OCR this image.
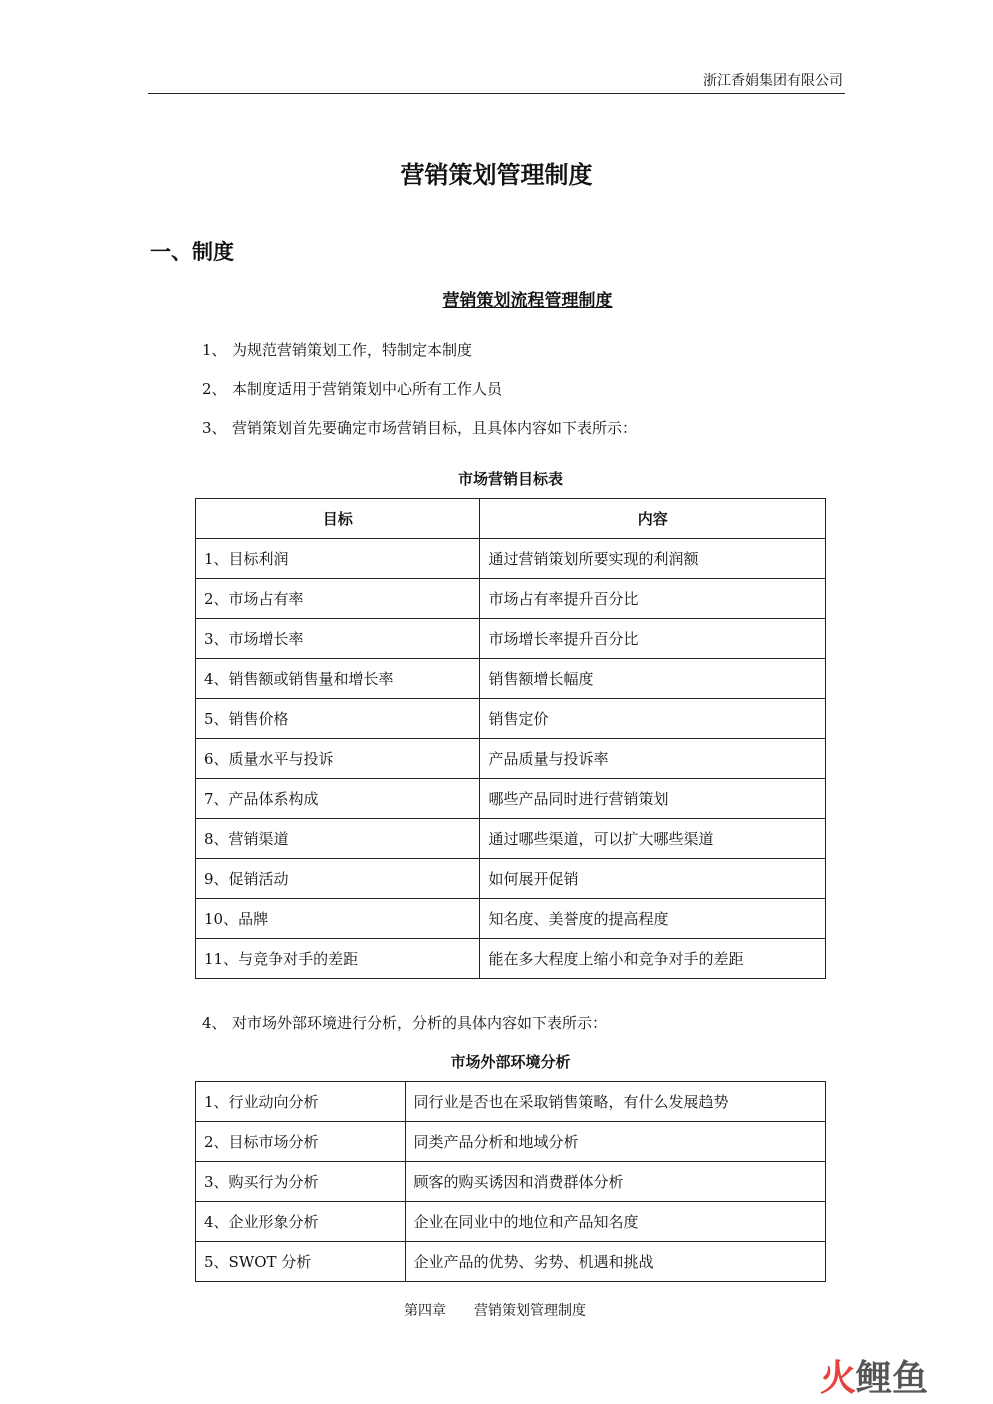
浙江香娟集团有限公司
营销策划管理制度
一、制度
营销策划流程管理制度
1、 为规范营销策划工作，特制定本制度
2、 本制度适用于营销策划中心所有工作人员
3、 营销策划首先要确定市场营销目标，且具体内容如下表所示：
市场营销目标表
目标	内容
1、目标利润	通过营销策划所要实现的利润额
2、市场占有率	市场占有率提升百分比
3、市场增长率	市场增长率提升百分比
4、销售额或销售量和增长率	销售额增长幅度
5、销售价格	销售定价
6、质量水平与投诉	产品质量与投诉率
7、产品体系构成	哪些产品同时进行营销策划
8、营销渠道	通过哪些渠道，可以扩大哪些渠道
9、促销活动	如何展开促销
10、品牌	知名度、美誉度的提高程度
11、与竞争对手的差距	能在多大程度上缩小和竞争对手的差距
4、 对市场外部环境进行分析，分析的具体内容如下表所示：
市场外部环境分析
1、行业动向分析	同行业是否也在采取销售策略，有什么发展趋势
2、目标市场分析	同类产品分析和地域分析
3、购买行为分析	顾客的购买诱因和消费群体分析
4、企业形象分析	企业在同业中的地位和产品知名度
5、SWOT 分析	企业产品的优势、劣势、机遇和挑战
第四章　　营销策划管理制度
火鲤鱼
